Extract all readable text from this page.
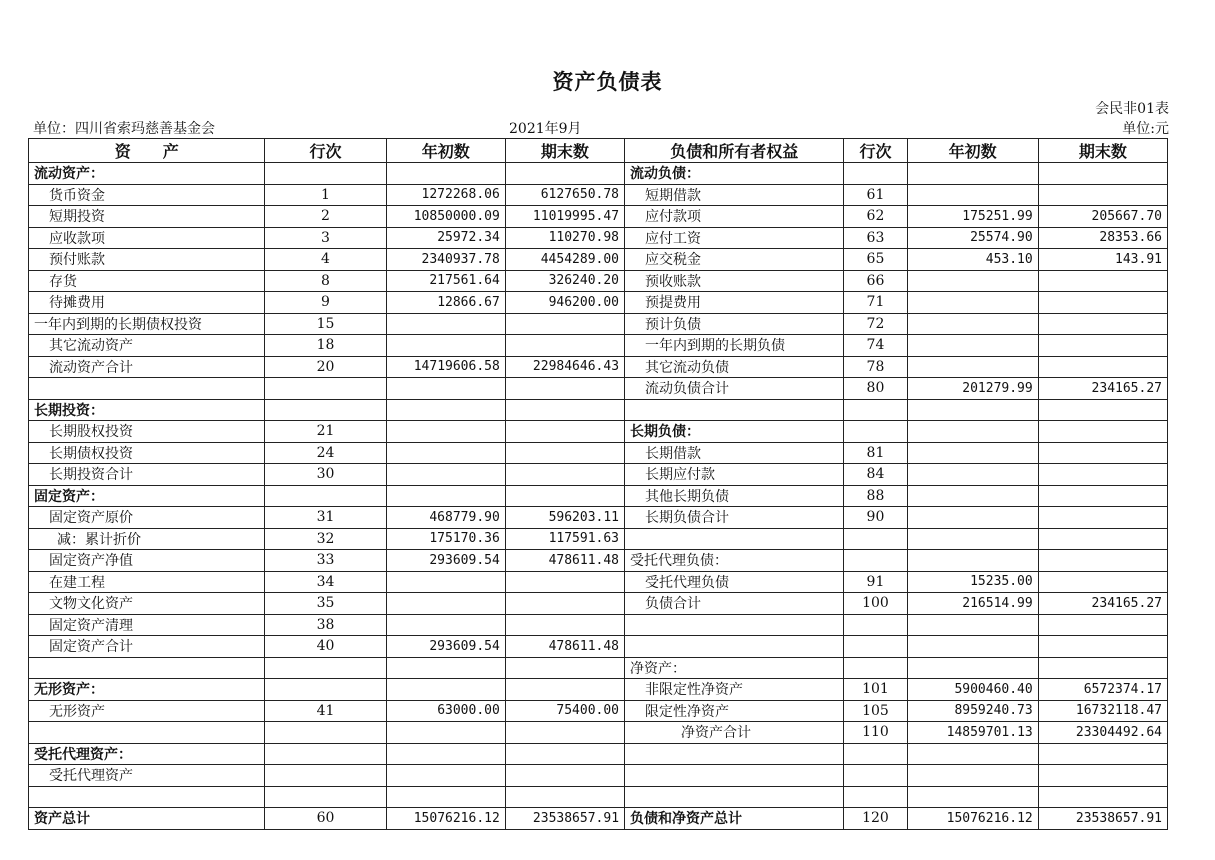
资产负债表
会民非01表
单位：四川省索玛慈善基金会	2021年9月	单位:元
资　　产	行次	年初数	期末数	负债和所有者权益	行次	年初数	期末数
流动资产：				流动负债：			
货币资金	1	1272268.06	6127650.78	短期借款	61		
短期投资	2	10850000.09	11019995.47	应付款项	62	175251.99	205667.70
应收款项	3	25972.34	110270.98	应付工资	63	25574.90	28353.66
预付账款	4	2340937.78	4454289.00	应交税金	65	453.10	143.91
存货	8	217561.64	326240.20	预收账款	66		
待摊费用	9	12866.67	946200.00	预提费用	71		
一年内到期的长期债权投资	15			预计负债	72		
其它流动资产	18			一年内到期的长期负债	74		
流动资产合计	20	14719606.58	22984646.43	其它流动负债	78		
				流动负债合计	80	201279.99	234165.27
长期投资：							
长期股权投资	21			长期负债：			
长期债权投资	24			长期借款	81		
长期投资合计	30			长期应付款	84		
固定资产：				其他长期负债	88		
固定资产原价	31	468779.90	596203.11	长期负债合计	90		
减：累计折价	32	175170.36	117591.63				
固定资产净值	33	293609.54	478611.48	受托代理负债：			
在建工程	34			受托代理负债	91	15235.00	
文物文化资产	35			负债合计	100	216514.99	234165.27
固定资产清理	38						
固定资产合计	40	293609.54	478611.48				
				净资产：			
无形资产：				非限定性净资产	101	5900460.40	6572374.17
无形资产	41	63000.00	75400.00	限定性净资产	105	8959240.73	16732118.47
				净资产合计	110	14859701.13	23304492.64
受托代理资产：							
受托代理资产							

资产总计	60	15076216.12	23538657.91	负债和净资产总计	120	15076216.12	23538657.91
